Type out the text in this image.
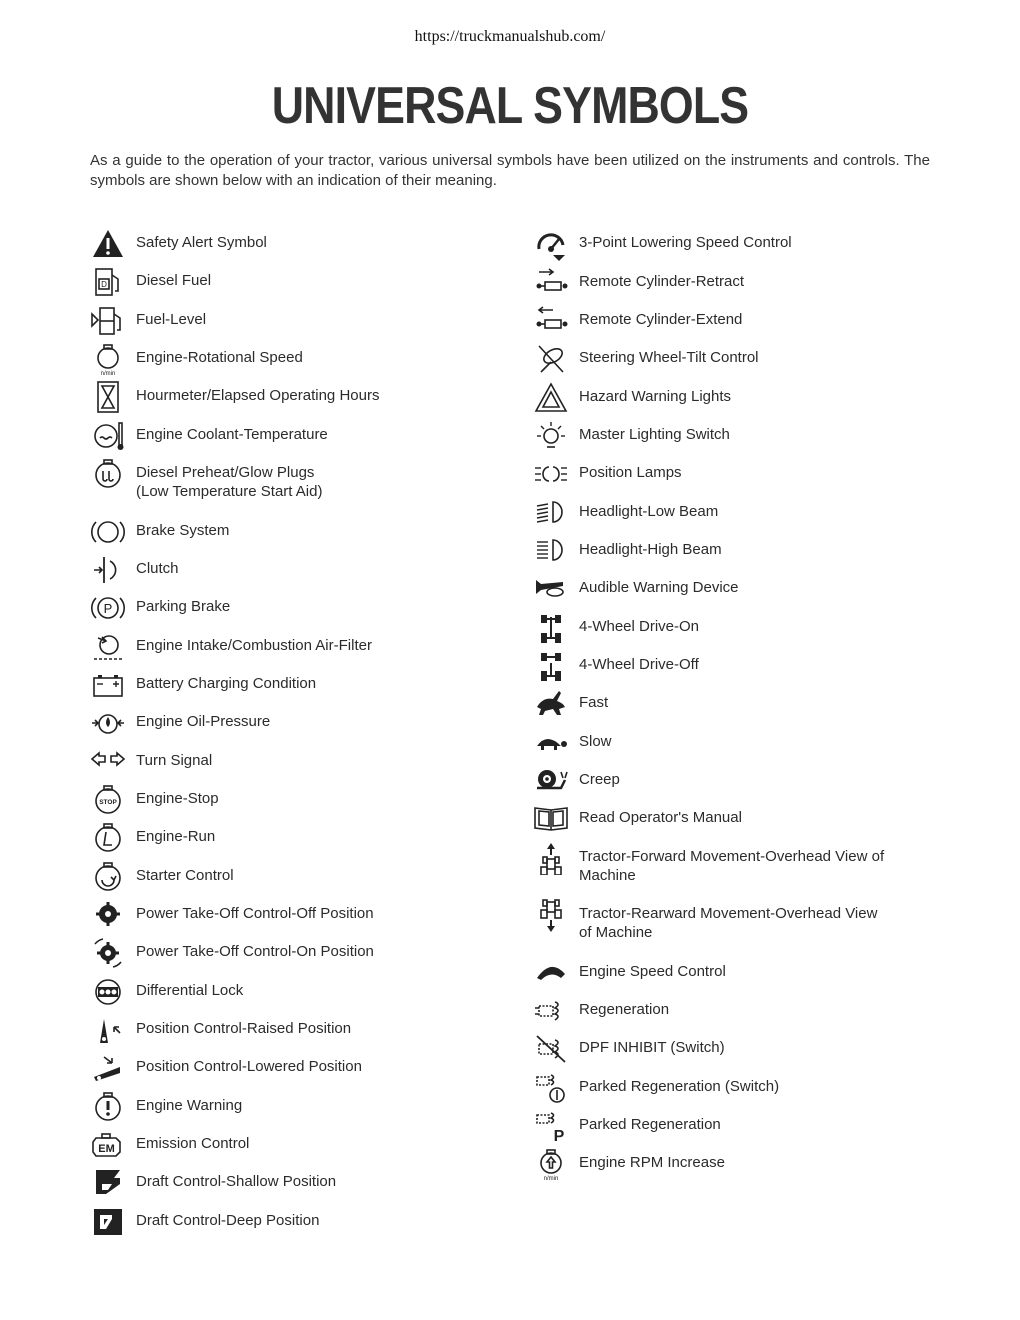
https://truckmanualshub.com/
UNIVERSAL SYMBOLS
As a guide to the operation of your tractor, various universal symbols have been utilized on the instruments and controls. The symbols are shown below with an indication of their meaning.
Safety Alert Symbol
D Diesel Fuel
Fuel-Level
n/min
Engine-Rotational Speed
Hourmeter/Elapsed Operating Hours
Engine Coolant-Temperature
Diesel Preheat/Glow Plugs
(Low Temperature Start Aid)
Brake System
Clutch
P Parking Brake
Engine Intake/Combustion Air-Filter
Battery Charging Condition
Engine Oil-Pressure
Turn Signal
STOP Engine-Stop
Engine-Run
Starter Control
Power Take-Off Control-Off Position
Power Take-Off Control-On Position
Differential Lock
Position Control-Raised Position
Position Control-Lowered Position
Engine Warning
EM Emission Control
Draft Control-Shallow Position
Draft Control-Deep Position
3-Point Lowering Speed Control
Remote Cylinder-Retract
Remote Cylinder-Extend
Steering Wheel-Tilt Control
Hazard Warning Lights
Master Lighting Switch
Position Lamps
Headlight-Low Beam
Headlight-High Beam
Audible Warning Device
4-Wheel Drive-On
4-Wheel Drive-Off
Fast
Slow
Creep
Read Operator's Manual
Tractor-Forward Movement-Overhead View of
Machine
Tractor-Rearward Movement-Overhead View
of Machine
Engine Speed Control
Regeneration
DPF INHIBIT (Switch)
Parked Regeneration (Switch)
P
Parked Regeneration
n/min
Engine RPM Increase
